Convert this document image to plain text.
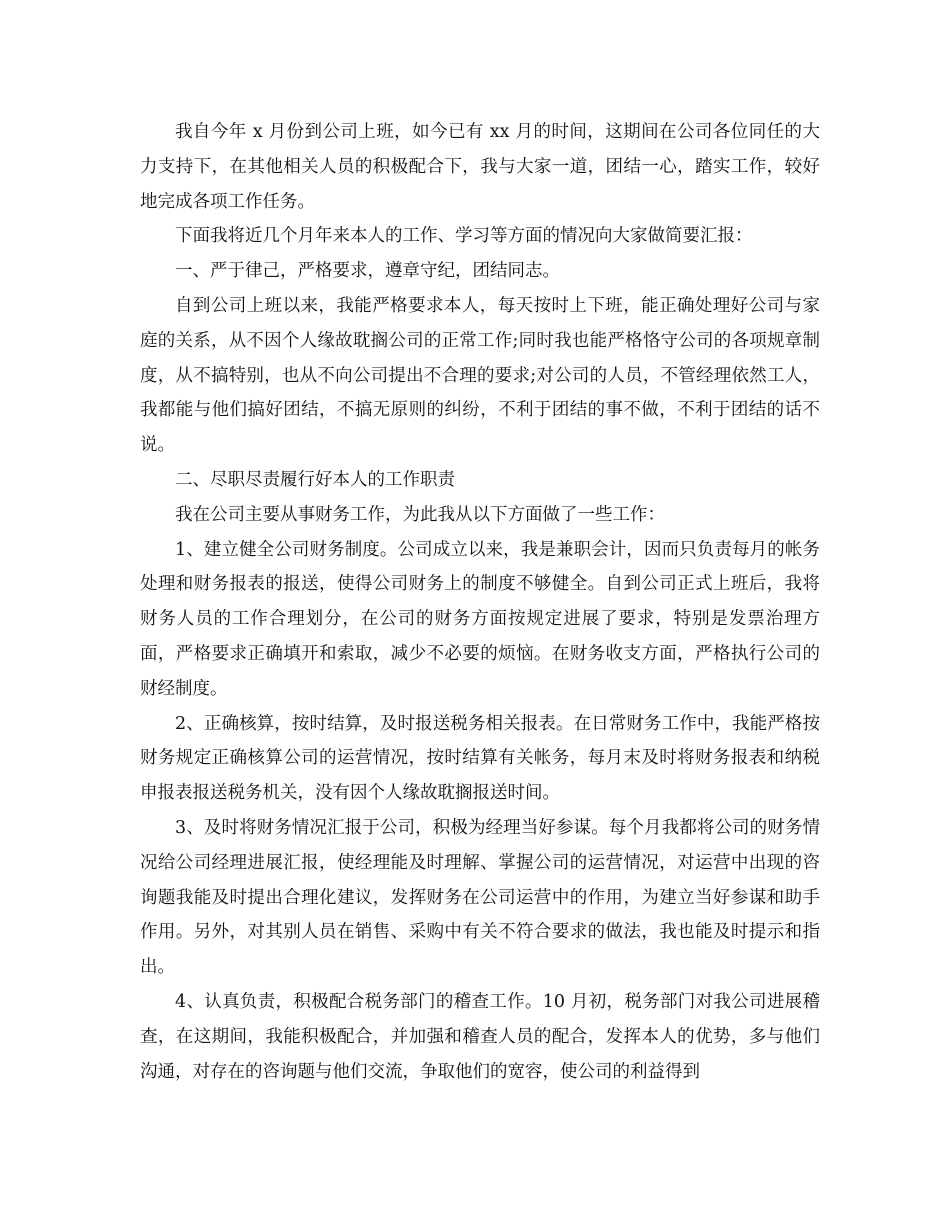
我自今年 x 月份到公司上班，如今已有 xx 月的时间，这期间在公司各位同任的大力支持下，在其他相关人员的积极配合下，我与大家一道，团结一心，踏实工作，较好地完成各项工作任务。

下面我将近几个月年来本人的工作、学习等方面的情况向大家做简要汇报：

一、严于律己，严格要求，遵章守纪，团结同志。

自到公司上班以来，我能严格要求本人，每天按时上下班，能正确处理好公司与家庭的关系，从不因个人缘故耽搁公司的正常工作;同时我也能严格恪守公司的各项规章制度，从不搞特别，也从不向公司提出不合理的要求;对公司的人员，不管经理依然工人，我都能与他们搞好团结，不搞无原则的纠纷，不利于团结的事不做，不利于团结的话不说。

二、尽职尽责履行好本人的工作职责

我在公司主要从事财务工作，为此我从以下方面做了一些工作：

1、建立健全公司财务制度。公司成立以来，我是兼职会计，因而只负责每月的帐务处理和财务报表的报送，使得公司财务上的制度不够健全。自到公司正式上班后，我将财务人员的工作合理划分，在公司的财务方面按规定进展了要求，特别是发票治理方面，严格要求正确填开和索取，减少不必要的烦恼。在财务收支方面，严格执行公司的财经制度。

2、正确核算，按时结算，及时报送税务相关报表。在日常财务工作中，我能严格按财务规定正确核算公司的运营情况，按时结算有关帐务，每月末及时将财务报表和纳税申报表报送税务机关，没有因个人缘故耽搁报送时间。

3、及时将财务情况汇报于公司，积极为经理当好参谋。每个月我都将公司的财务情况给公司经理进展汇报，使经理能及时理解、掌握公司的运营情况，对运营中出现的咨询题我能及时提出合理化建议，发挥财务在公司运营中的作用，为建立当好参谋和助手作用。另外，对其别人员在销售、采购中有关不符合要求的做法，我也能及时提示和指出。

4、认真负责，积极配合税务部门的稽查工作。10 月初，税务部门对我公司进展稽查，在这期间，我能积极配合，并加强和稽查人员的配合，发挥本人的优势，多与他们沟通，对存在的咨询题与他们交流，争取他们的宽容，使公司的利益得到
